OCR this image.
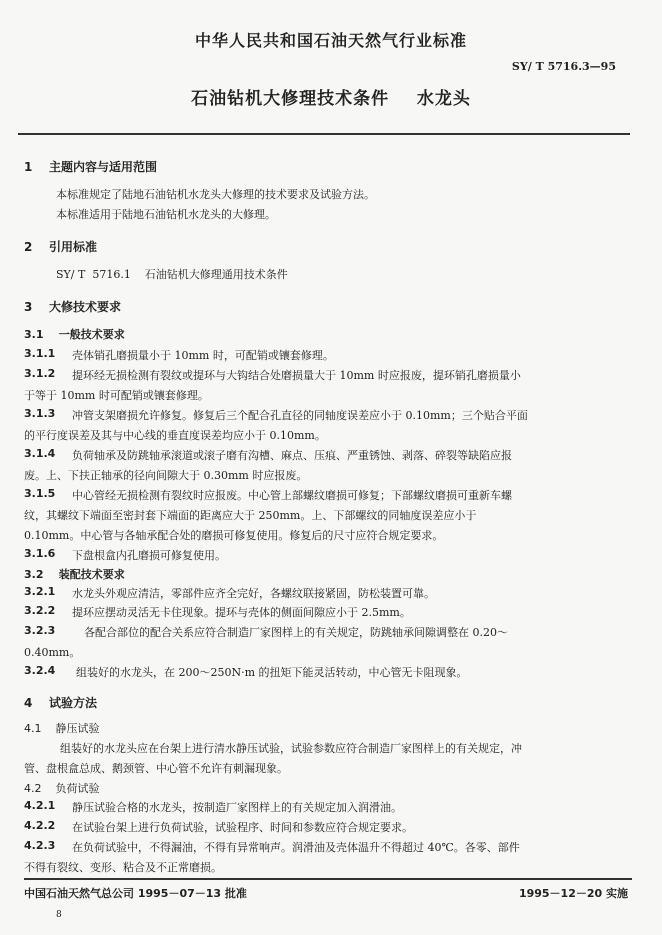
中华人民共和国石油天然气行业标准
SY/ T 5716.3—95
石油钻机大修理技术条件    水龙头
1    主题内容与适用范围
本标准规定了陆地石油钻机水龙头大修理的技术要求及试验方法。
本标准适用于陆地石油钻机水龙头的大修理。
2    引用标准
SY/ T  5716.1    石油钻机大修理通用技术条件
3    大修技术要求
3.1    一般技术要求
3.1.1 壳体销孔磨损量小于 10mm 时，可配销或镶套修理。
3.1.2 提环经无损检测有裂纹或提环与大钩结合处磨损量大于 10mm 时应报废，提环销孔磨损量小
于等于 10mm 时可配销或镶套修理。
3.1.3 冲管支架磨损允许修复。修复后三个配合孔直径的同轴度误差应小于 0.10mm；三个贴合平面
的平行度误差及其与中心线的垂直度误差均应小于 0.10mm。
3.1.4 负荷轴承及防跳轴承滚道或滚子磨有沟槽、麻点、压痕、严重锈蚀、剥落、碎裂等缺陷应报
废。上、下扶正轴承的径向间隙大于 0.30mm 时应报废。
3.1.5 中心管经无损检测有裂纹时应报废。中心管上部螺纹磨损可修复；下部螺纹磨损可重新车螺
纹，其螺纹下端面至密封套下端面的距离应大于 250mm。上、下部螺纹的同轴度误差应小于
0.10mm。中心管与各轴承配合处的磨损可修复使用。修复后的尺寸应符合规定要求。
3.1.6 下盘根盒内孔磨损可修复使用。
3.2    装配技术要求
3.2.1 水龙头外观应清洁，零部件应齐全完好，各螺纹联接紧固，防松装置可靠。
3.2.2 提环应摆动灵活无卡住现象。提环与壳体的侧面间隙应小于 2.5mm。
3.2.3	各配合部位的配合关系应符合制造厂家图样上的有关规定，防跳轴承间隙调整在 0.20～
0.40mm。
3.2.4 组装好的水龙头，在 200～250N·m 的扭矩下能灵活转动，中心管无卡阻现象。
4    试验方法
4.1    静压试验
组装好的水龙头应在台架上进行清水静压试验，试验参数应符合制造厂家图样上的有关规定，冲
管、盘根盒总成、鹅颈管、中心管不允许有刺漏现象。
4.2    负荷试验
4.2.1 静压试验合格的水龙头，按制造厂家图样上的有关规定加入润滑油。
4.2.2 在试验台架上进行负荷试验，试验程序、时间和参数应符合规定要求。
4.2.3 在负荷试验中，不得漏油，不得有异常响声。润滑油及壳体温升不得超过 40℃。各零、部件
不得有裂纹、变形、粘合及不正常磨损。
中国石油天然气总公司 1995－07－13 批准	1995－12－20 实施
8
